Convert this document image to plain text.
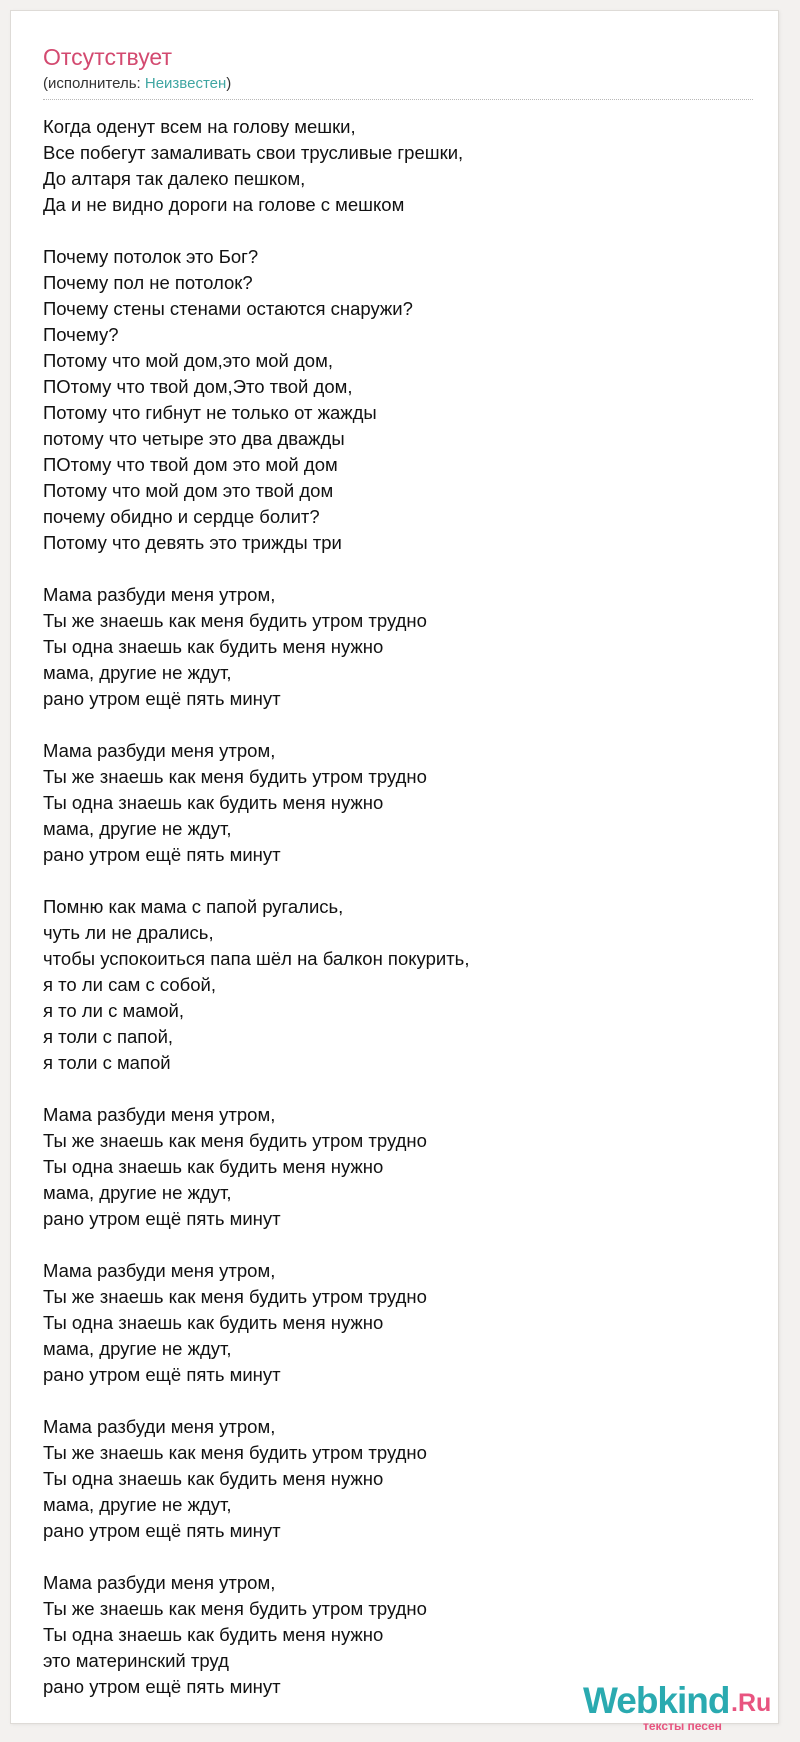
Отсутствует
(исполнитель: Неизвестен)
Когда оденут всем на голову мешки,
Все побегут замаливать свои трусливые грешки,
До алтаря так далеко пешком,
Да и не видно дороги на голове с мешком
Почему потолок это Бог?
Почему пол не потолок?
Почему стены стенами остаются снаружи?
Почему?
Потому что мой дом,это мой дом,
ПОтому что твой дом,Это твой дом,
Потому что гибнут не только от жажды
потому что четыре это два дважды
ПОтому что твой дом это мой дом
Потому что мой дом это твой дом
почему обидно и сердце болит?
Потому что девять это трижды три
Мама разбуди меня утром,
Ты же знаешь как меня будить утром трудно
Ты одна знаешь как будить меня нужно
мама, другие не ждут,
рано утром ещё пять минут
Мама разбуди меня утром,
Ты же знаешь как меня будить утром трудно
Ты одна знаешь как будить меня нужно
мама, другие не ждут,
рано утром ещё пять минут
Помню как мама с папой ругались,
чуть ли не дрались,
чтобы успокоиться папа шёл на балкон покурить,
я то ли сам с собой,
я то ли с мамой,
я толи с папой,
я толи с мапой
Мама разбуди меня утром,
Ты же знаешь как меня будить утром трудно
Ты одна знаешь как будить меня нужно
мама, другие не ждут,
рано утром ещё пять минут
Мама разбуди меня утром,
Ты же знаешь как меня будить утром трудно
Ты одна знаешь как будить меня нужно
мама, другие не ждут,
рано утром ещё пять минут
Мама разбуди меня утром,
Ты же знаешь как меня будить утром трудно
Ты одна знаешь как будить меня нужно
мама, другие не ждут,
рано утром ещё пять минут
Мама разбуди меня утром,
Ты же знаешь как меня будить утром трудно
Ты одна знаешь как будить меня нужно
это материнский труд
рано утром ещё пять минут	Webkind .Ru
тексты песен
